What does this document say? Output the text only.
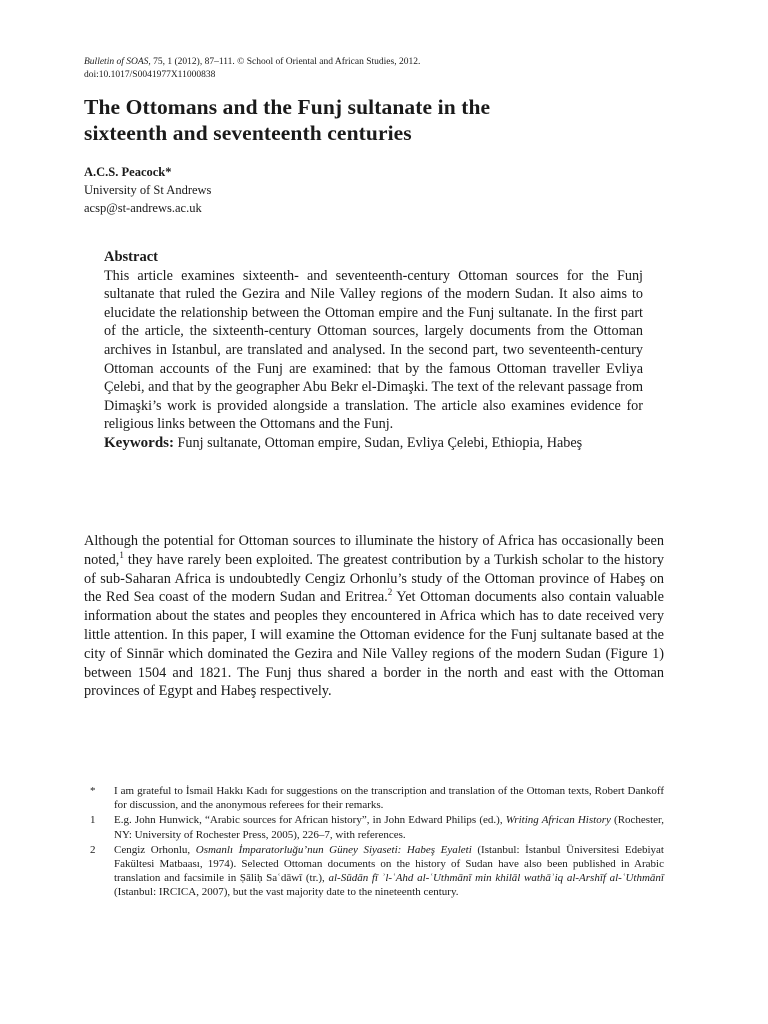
Bulletin of SOAS, 75, 1 (2012), 87–111. © School of Oriental and African Studies, 2012.
doi:10.1017/S0041977X11000838
The Ottomans and the Funj sultanate in the
sixteenth and seventeenth centuries
A.C.S. Peacock*
University of St Andrews
acsp@st-andrews.ac.uk
Abstract

This article examines sixteenth- and seventeenth-century Ottoman sources for the Funj sultanate that ruled the Gezira and Nile Valley regions of the modern Sudan. It also aims to elucidate the relationship between the Ottoman empire and the Funj sultanate. In the first part of the article, the sixteenth-century Ottoman sources, largely documents from the Ottoman archives in Istanbul, are translated and analysed. In the second part, two seventeenth-century Ottoman accounts of the Funj are examined: that by the famous Ottoman traveller Evliya Çelebi, and that by the geographer Abu Bekr el-Dimaşki. The text of the relevant passage from Dimaşki’s work is provided alongside a translation. The article also examines evidence for religious links between the Ottomans and the Funj.

Keywords: Funj sultanate, Ottoman empire, Sudan, Evliya Çelebi, Ethiopia, Habeş

Although the potential for Ottoman sources to illuminate the history of Africa has occasionally been noted,$^1$ they have rarely been exploited. The greatest contribution by a Turkish scholar to the history of sub-Saharan Africa is undoubtedly Cengiz Orhonlu’s study of the Ottoman province of Habeş on the Red Sea coast of the modern Sudan and Eritrea.$^2$ Yet Ottoman documents also contain valuable information about the states and peoples they encountered in Africa which has to date received very little attention. In this paper, I will examine the Ottoman evidence for the Funj sultanate based at the city of Sinnār which dominated the Gezira and Nile Valley regions of the modern Sudan (Figure 1) between 1504 and 1821. The Funj thus shared a border in the north and east with the Ottoman provinces of Egypt and Habeş respectively.

*	I am grateful to İsmail Hakkı Kadı for suggestions on the transcription and translation of the Ottoman texts, Robert Dankoff for discussion, and the anonymous referees for their remarks.
1	E.g. John Hunwick, “Arabic sources for African history”, in John Edward Philips (ed.), Writing African History (Rochester, NY: University of Rochester Press, 2005), 226–7, with references.
2	Cengiz Orhonlu, Osmanlı İmparatorluğu’nun Güney Siyaseti: Habeş Eyaleti (Istanbul: İstanbul Üniversitesi Edebiyat Fakültesi Matbaası, 1974). Selected Ottoman documents on the history of Sudan have also been published in Arabic translation and facsimile in Ṣāliḥ Saʿdāwī (tr.), al-Sūdān fī ʾl-ʿAhd al-ʿUthmānī min khilāl wathāʾiq al-Arshīf al-ʿUthmānī (Istanbul: IRCICA, 2007), but the vast majority date to the nineteenth century.
